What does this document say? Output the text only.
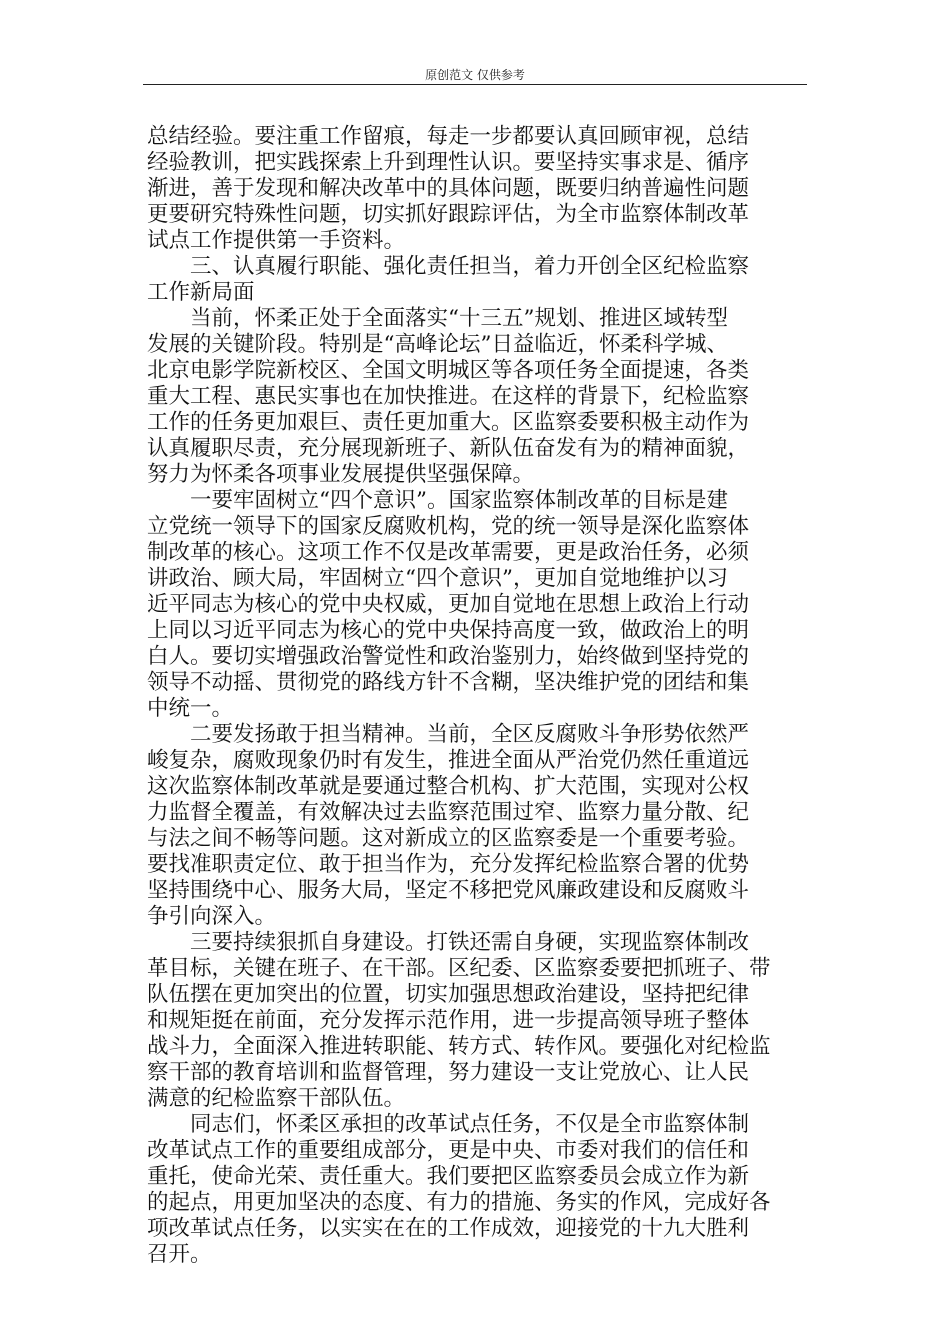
原创范文 仅供参考
总结经验。要注重工作留痕，每走一步都要认真回顾审视，总结
经验教训，把实践探索上升到理性认识。要坚持实事求是、循序
渐进，善于发现和解决改革中的具体问题，既要归纳普遍性问题
更要研究特殊性问题，切实抓好跟踪评估，为全市监察体制改革
试点工作提供第一手资料。
三、认真履行职能、强化责任担当，着力开创全区纪检监察
工作新局面
当前，怀柔正处于全面落实“十三五”规划、推进区域转型
发展的关键阶段。特别是“高峰论坛”日益临近，怀柔科学城、
北京电影学院新校区、全国文明城区等各项任务全面提速，各类
重大工程、惠民实事也在加快推进。在这样的背景下，纪检监察
工作的任务更加艰巨、责任更加重大。区监察委要积极主动作为
认真履职尽责，充分展现新班子、新队伍奋发有为的精神面貌，
努力为怀柔各项事业发展提供坚强保障。
一要牢固树立“四个意识”。国家监察体制改革的目标是建
立党统一领导下的国家反腐败机构，党的统一领导是深化监察体
制改革的核心。这项工作不仅是改革需要，更是政治任务，必须
讲政治、顾大局，牢固树立“四个意识”，更加自觉地维护以习
近平同志为核心的党中央权威，更加自觉地在思想上政治上行动
上同以习近平同志为核心的党中央保持高度一致，做政治上的明
白人。要切实增强政治警觉性和政治鉴别力，始终做到坚持党的
领导不动摇、贯彻党的路线方针不含糊，坚决维护党的团结和集
中统一。
二要发扬敢于担当精神。当前，全区反腐败斗争形势依然严
峻复杂，腐败现象仍时有发生，推进全面从严治党仍然任重道远
这次监察体制改革就是要通过整合机构、扩大范围，实现对公权
力监督全覆盖，有效解决过去监察范围过窄、监察力量分散、纪
与法之间不畅等问题。这对新成立的区监察委是一个重要考验。
要找准职责定位、敢于担当作为，充分发挥纪检监察合署的优势
坚持围绕中心、服务大局，坚定不移把党风廉政建设和反腐败斗
争引向深入。
三要持续狠抓自身建设。打铁还需自身硬，实现监察体制改
革目标，关键在班子、在干部。区纪委、区监察委要把抓班子、带
队伍摆在更加突出的位置，切实加强思想政治建设，坚持把纪律
和规矩挺在前面，充分发挥示范作用，进一步提高领导班子整体
战斗力，全面深入推进转职能、转方式、转作风。要强化对纪检监
察干部的教育培训和监督管理，努力建设一支让党放心、让人民
满意的纪检监察干部队伍。
同志们，怀柔区承担的改革试点任务，不仅是全市监察体制
改革试点工作的重要组成部分，更是中央、市委对我们的信任和
重托，使命光荣、责任重大。我们要把区监察委员会成立作为新
的起点，用更加坚决的态度、有力的措施、务实的作风，完成好各
项改革试点任务，以实实在在的工作成效，迎接党的十九大胜利
召开。
